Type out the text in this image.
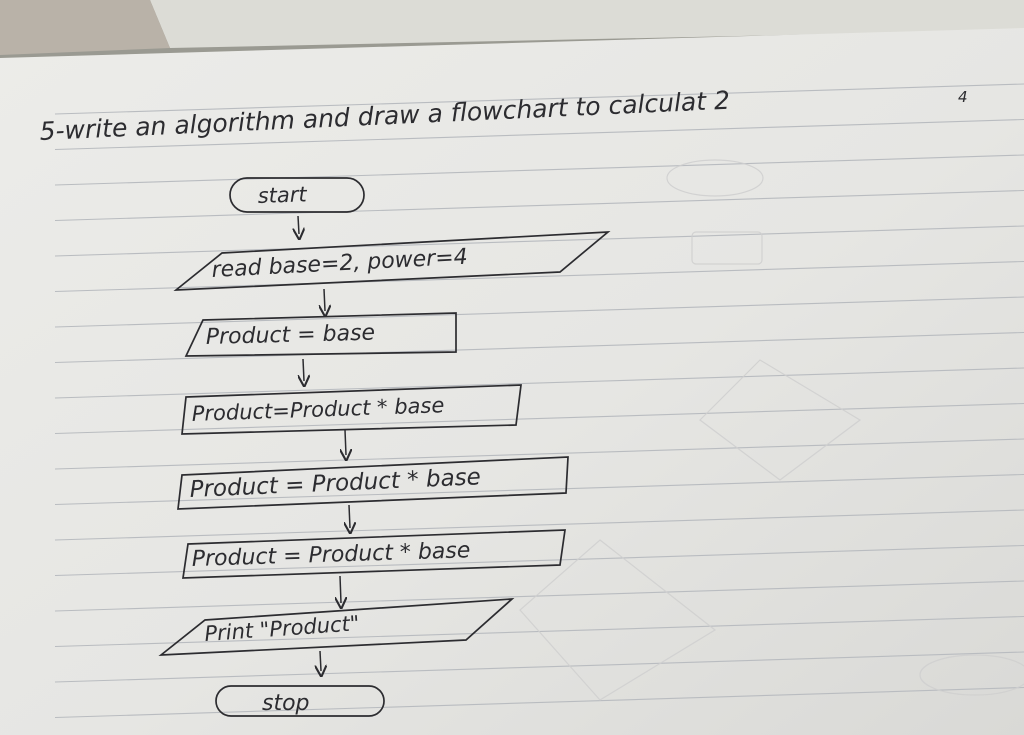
5-write an algorithm and draw a flowchart to calculat 2	4
start
read base=2, power=4
Product = base
Product=Product * base
Product = Product * base
Product = Product * base
Print "Product"
stop
